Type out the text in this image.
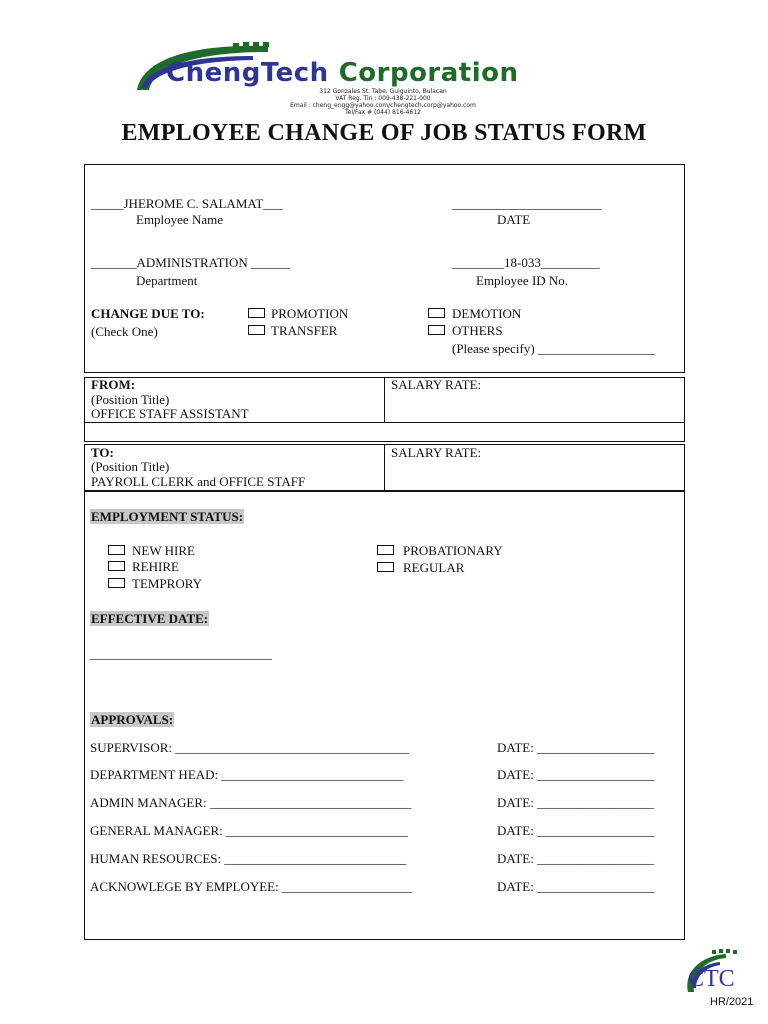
ChengTech Corporation
312 Gonzales St. Tabe, Guiguinto, Bulacan
VAT Reg. Tin : 009-438-221-000
Email : cheng_engg@yahoo.com/chengtech.corp@yahoo.com
Tel/Fax # (044) 816-4612
EMPLOYEE CHANGE OF JOB STATUS FORM
_____JHEROME C. SALAMAT___
Employee Name
_______________________
DATE
_______ADMINISTRATION ______
Department
________18-033_________
Employee ID No.
CHANGE DUE TO:
(Check One)
PROMOTION
TRANSFER
DEMOTION
OTHERS
(Please specify) __________________
FROM:
(Position Title)
OFFICE STAFF ASSISTANT
SALARY RATE:
TO:
(Position Title)
PAYROLL CLERK and OFFICE STAFF
SALARY RATE:
EMPLOYMENT STATUS:
NEW HIRE
REHIRE
TEMPRORY
PROBATIONARY
REGULAR
EFFECTIVE DATE:
____________________________
APPROVALS:
SUPERVISOR: ____________________________________	DATE: __________________
DEPARTMENT HEAD: ____________________________	DATE: __________________
ADMIN MANAGER: _______________________________	DATE: __________________
GENERAL MANAGER: ____________________________	DATE: __________________
HUMAN RESOURCES: ____________________________	DATE: __________________
ACKNOWLEGE BY EMPLOYEE: ____________________	DATE: __________________
CTC
HR/2021
